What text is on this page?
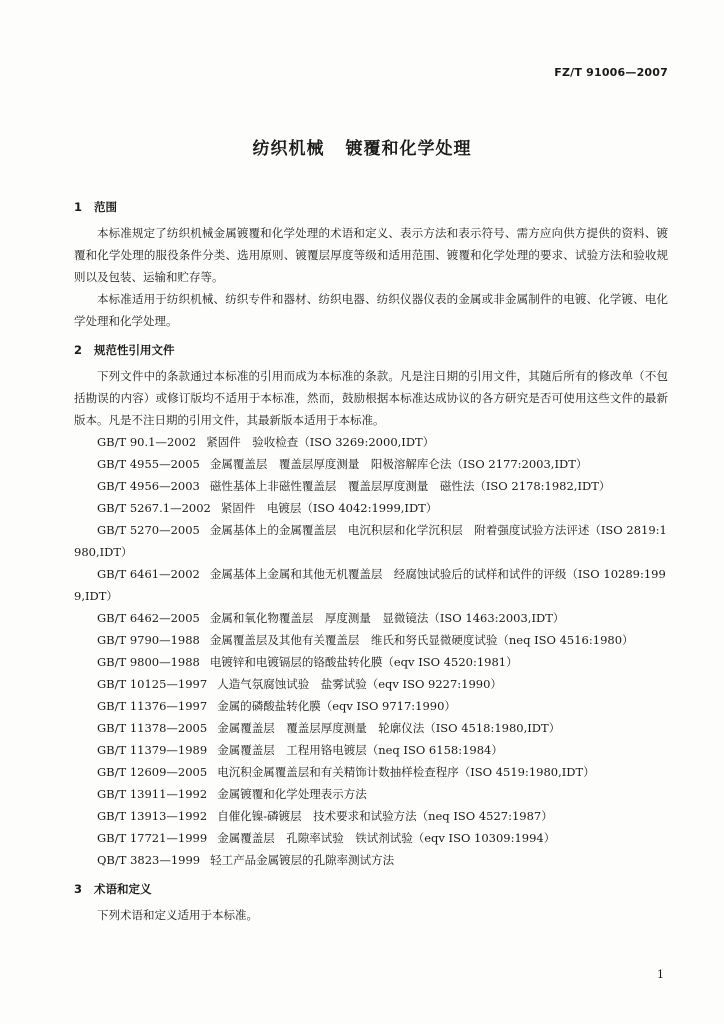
FZ/T 91006—2007
纺织机械 镀覆和化学处理
1 范围

本标准规定了纺织机械金属镀覆和化学处理的术语和定义、表示方法和表示符号、需方应向供方提供的资料、镀覆和化学处理的服役条件分类、选用原则、镀覆层厚度等级和适用范围、镀覆和化学处理的要求、试验方法和验收规则以及包装、运输和贮存等。

本标准适用于纺织机械、纺织专件和器材、纺织电器、纺织仪器仪表的金属或非金属制件的电镀、化学镀、电化学处理和化学处理。

2 规范性引用文件

下列文件中的条款通过本标准的引用而成为本标准的条款。凡是注日期的引用文件，其随后所有的修改单（不包括勘误的内容）或修订版均不适用于本标准，然而，鼓励根据本标准达成协议的各方研究是否可使用这些文件的最新版本。凡是不注日期的引用文件，其最新版本适用于本标准。

GB/T 90.1—2002 紧固件　验收检查（ISO 3269:2000,IDT）
GB/T 4955—2005 金属覆盖层　覆盖层厚度测量　阳极溶解库仑法（ISO 2177:2003,IDT）
GB/T 4956—2003 磁性基体上非磁性覆盖层　覆盖层厚度测量　磁性法（ISO 2178:1982,IDT）
GB/T 5267.1—2002 紧固件　电镀层（ISO 4042:1999,IDT）
GB/T 5270—2005 金属基体上的金属覆盖层　电沉积层和化学沉积层　附着强度试验方法评述（ISO 2819:1980,IDT）
GB/T 6461—2002 金属基体上金属和其他无机覆盖层　经腐蚀试验后的试样和试件的评级（ISO 10289:1999,IDT）
GB/T 6462—2005 金属和氧化物覆盖层　厚度测量　显微镜法（ISO 1463:2003,IDT）
GB/T 9790—1988 金属覆盖层及其他有关覆盖层　维氏和努氏显微硬度试验（neq ISO 4516:1980）
GB/T 9800—1988 电镀锌和电镀镉层的铬酸盐转化膜（eqv ISO 4520:1981）
GB/T 10125—1997 人造气氛腐蚀试验　盐雾试验（eqv ISO 9227:1990）
GB/T 11376—1997 金属的磷酸盐转化膜（eqv ISO 9717:1990）
GB/T 11378—2005 金属覆盖层　覆盖层厚度测量　轮廓仪法（ISO 4518:1980,IDT）
GB/T 11379—1989 金属覆盖层　工程用铬电镀层（neq ISO 6158:1984）
GB/T 12609—2005 电沉积金属覆盖层和有关精饰计数抽样检查程序（ISO 4519:1980,IDT）
GB/T 13911—1992 金属镀覆和化学处理表示方法
GB/T 13913—1992 自催化镍-磷镀层　技术要求和试验方法（neq ISO 4527:1987）
GB/T 17721—1999 金属覆盖层　孔隙率试验　铁试剂试验（eqv ISO 10309:1994）
QB/T 3823—1999 轻工产品金属镀层的孔隙率测试方法
3 术语和定义

下列术语和定义适用于本标准。

1
